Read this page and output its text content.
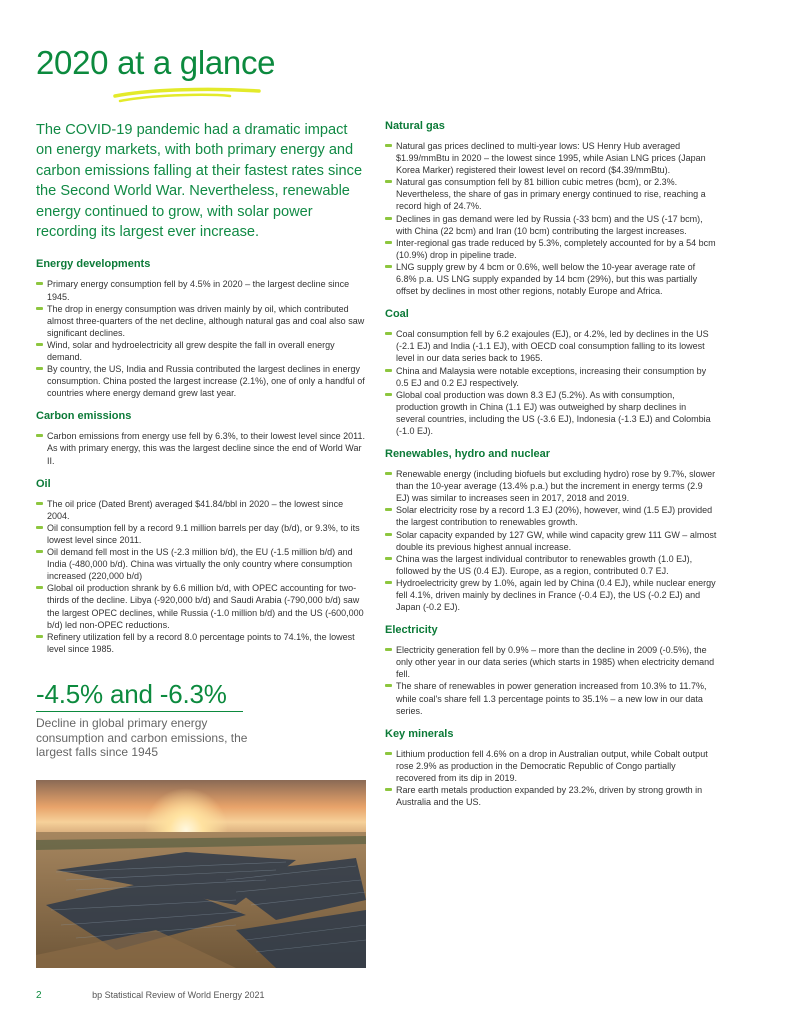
2020 at a glance

The COVID-19 pandemic had a dramatic impact on energy markets, with both primary energy and carbon emissions falling at their fastest rates since the Second World War. Nevertheless, renewable energy continued to grow, with solar power recording its largest ever increase.

Energy developments
Primary energy consumption fell by 4.5% in 2020 – the largest decline since 1945.
The drop in energy consumption was driven mainly by oil, which contributed almost three-quarters of the net decline, although natural gas and coal also saw significant declines.
Wind, solar and hydroelectricity all grew despite the fall in overall energy demand.
By country, the US, India and Russia contributed the largest declines in energy consumption. China posted the largest increase (2.1%), one of only a handful of countries where energy demand grew last year.
Carbon emissions
Carbon emissions from energy use fell by 6.3%, to their lowest level since 2011. As with primary energy, this was the largest decline since the end of World War II.
Oil
The oil price (Dated Brent) averaged $41.84/bbl in 2020 – the lowest since 2004.
Oil consumption fell by a record 9.1 million barrels per day (b/d), or 9.3%, to its lowest level since 2011.
Oil demand fell most in the US (-2.3 million b/d), the EU (-1.5 million b/d) and India (-480,000 b/d). China was virtually the only country where consumption increased (220,000 b/d)
Global oil production shrank by 6.6 million b/d, with OPEC accounting for two-thirds of the decline. Libya (-920,000 b/d) and Saudi Arabia (-790,000 b/d) saw the largest OPEC declines, while Russia (-1.0 million b/d) and the US (-600,000 b/d) led non-OPEC reductions.
Refinery utilization fell by a record 8.0 percentage points to 74.1%, the lowest level since 1985.
-4.5% and -6.3%

Decline in global primary energy consumption and carbon emissions, the largest falls since 1945

Natural gas
Natural gas prices declined to multi-year lows: US Henry Hub averaged $1.99/mmBtu in 2020 – the lowest since 1995, while Asian LNG prices (Japan Korea Marker) registered their lowest level on record ($4.39/mmBtu).
Natural gas consumption fell by 81 billion cubic metres (bcm), or 2.3%. Nevertheless, the share of gas in primary energy continued to rise, reaching a record high of 24.7%.
Declines in gas demand were led by Russia (-33 bcm) and the US (-17 bcm), with China (22 bcm) and Iran (10 bcm) contributing the largest increases.
Inter-regional gas trade reduced by 5.3%, completely accounted for by a 54 bcm (10.9%) drop in pipeline trade.
LNG supply grew by 4 bcm or 0.6%, well below the 10-year average rate of 6.8% p.a. US LNG supply expanded by 14 bcm (29%), but this was partially offset by declines in most other regions, notably Europe and Africa.
Coal
Coal consumption fell by 6.2 exajoules (EJ), or 4.2%, led by declines in the US (-2.1 EJ) and India (-1.1 EJ), with OECD coal consumption falling to its lowest level in our data series back to 1965.
China and Malaysia were notable exceptions, increasing their consumption by 0.5 EJ and 0.2 EJ respectively.
Global coal production was down 8.3 EJ (5.2%). As with consumption, production growth in China (1.1 EJ) was outweighed by sharp declines in several countries, including the US (-3.6 EJ), Indonesia (-1.3 EJ) and Colombia (-1.0 EJ).
Renewables, hydro and nuclear
Renewable energy (including biofuels but excluding hydro) rose by 9.7%, slower than the 10-year average (13.4% p.a.) but the increment in energy terms (2.9 EJ) was similar to increases seen in 2017, 2018 and 2019.
Solar electricity rose by a record 1.3 EJ (20%), however, wind (1.5 EJ) provided the largest contribution to renewables growth.
Solar capacity expanded by 127 GW, while wind capacity grew 111 GW – almost double its previous highest annual increase.
China was the largest individual contributor to renewables growth (1.0 EJ), followed by the US (0.4 EJ). Europe, as a region, contributed 0.7 EJ.
Hydroelectricity grew by 1.0%, again led by China (0.4 EJ), while nuclear energy fell 4.1%, driven mainly by declines in France (-0.4 EJ), the US (-0.2 EJ) and Japan (-0.2 EJ).
Electricity
Electricity generation fell by 0.9% – more than the decline in 2009 (-0.5%), the only other year in our data series (which starts in 1985) when electricity demand fell.
The share of renewables in power generation increased from 10.3% to 11.7%, while coal's share fell 1.3 percentage points to 35.1% – a new low in our data series.
Key minerals
Lithium production fell 4.6% on a drop in Australian output, while Cobalt output rose 2.9% as production in the Democratic Republic of Congo partially recovered from its dip in 2019.
Rare earth metals production expanded by 23.2%, driven by strong growth in Australia and the US.
2	bp Statistical Review of World Energy 2021
